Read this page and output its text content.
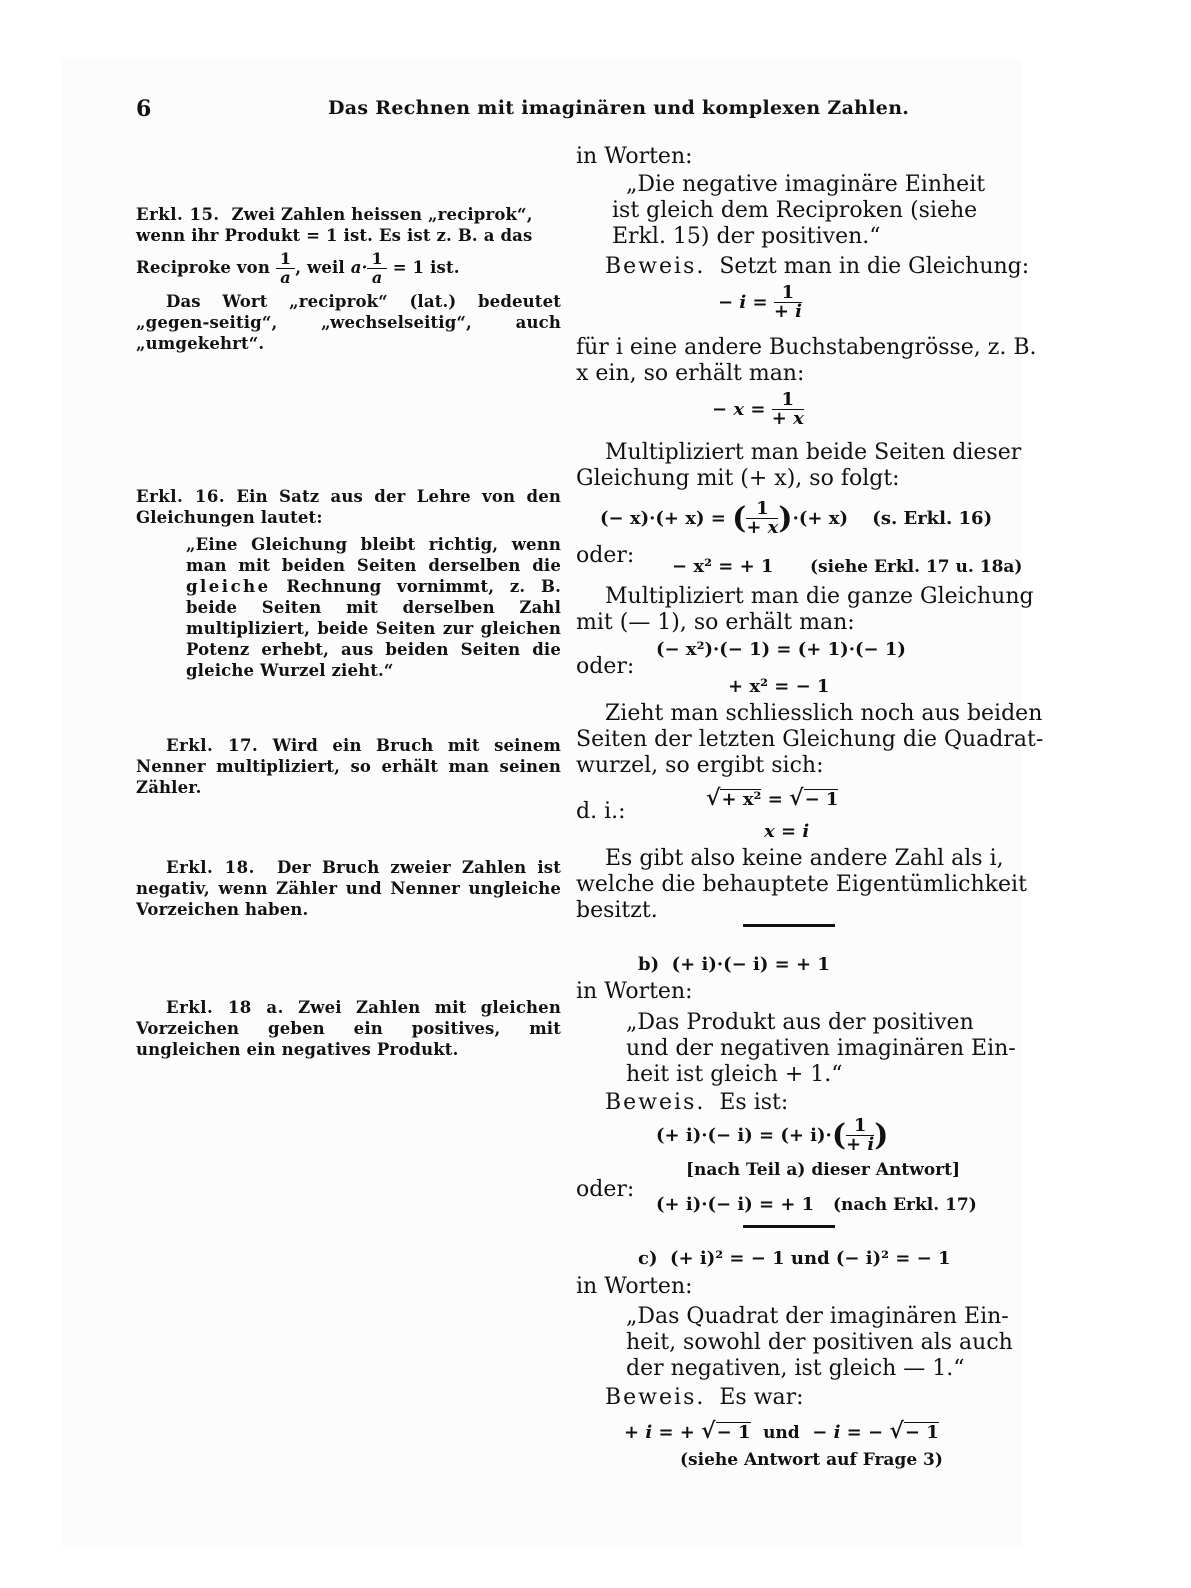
6	Das Rechnen mit imaginären und komplexen Zahlen.

Erkl. 15. Zwei Zahlen heissen „reciprok“,

wenn ihr Produkt = 1 ist. Es ist z. B. a das

Reciproke von $\frac{1}{a}$ , weil $a\cdot \frac{1}{a} = 1$ ist.

Das Wort „reciprok“ (lat.) bedeutet „gegen-seitig“, „wechselseitig“, auch „umgekehrt“.

Erkl. 16. Ein Satz aus der Lehre von den Gleichungen lautet:

„Eine Gleichung bleibt richtig, wenn man mit beiden Seiten derselben die gleiche Rechnung vornimmt, z. B. beide Seiten mit derselben Zahl multipliziert, beide Seiten zur gleichen Potenz erhebt, aus beiden Seiten die gleiche Wurzel zieht.“

Erkl. 17. Wird ein Bruch mit seinem Nenner multipliziert, so erhält man seinen Zähler.

Erkl. 18. Der Bruch zweier Zahlen ist negativ, wenn Zähler und Nenner ungleiche Vorzeichen haben.

Erkl. 18 a. Zwei Zahlen mit gleichen Vorzeichen geben ein positives, mit ungleichen ein negatives Produkt.

in Worten:
„Die negative imaginäre Einheit
ist gleich dem Reciproken (siehe
Erkl. 15) der positiven.“
Beweis. Setzt man in die Gleichung:
− $i = \frac{1}{+ i}$
für i eine andere Buchstabengrösse, z. B.
x ein, so erhält man:
− $x = \frac{1}{+ x}$
Multipliziert man beide Seiten dieser
Gleichung mit (+ x), so folgt:
(− x)·(+ x) = ( $\frac{1}{+ x}$ )·(+ x) (s. Erkl. 16)
oder: − x² = + 1 (siehe Erkl. 17 u. 18a)
Multipliziert man die ganze Gleichung
mit (— 1), so erhält man:
(− x²)·(− 1) = (+ 1)·(− 1)
oder:
+ x² = − 1
Zieht man schliesslich noch aus beiden
Seiten der letzten Gleichung die Quadrat-
wurzel, so ergibt sich:
√+ x² = √− 1
d. i.:
x = i
Es gibt also keine andere Zahl als i,
welche die behauptete Eigentümlichkeit
besitzt.
b) (+ i)·(− i) = + 1
in Worten:
„Das Produkt aus der positiven
und der negativen imaginären Ein-
heit ist gleich + 1.“
Beweis. Es ist:
(+ i)·(− i) = (+ $i)\cdot( \frac{1}{+ i}$ )
[nach Teil a) dieser Antwort]
oder:
(+ i)·(− i) = + 1 (nach Erkl. 17)
c) (+ i)² = − 1 und (− i)² = − 1
in Worten:
„Das Quadrat der imaginären Ein-
heit, sowohl der positiven als auch
der negativen, ist gleich — 1.“
Beweis. Es war:
+ i = + √− 1 und − i = − √− 1
(siehe Antwort auf Frage 3)
